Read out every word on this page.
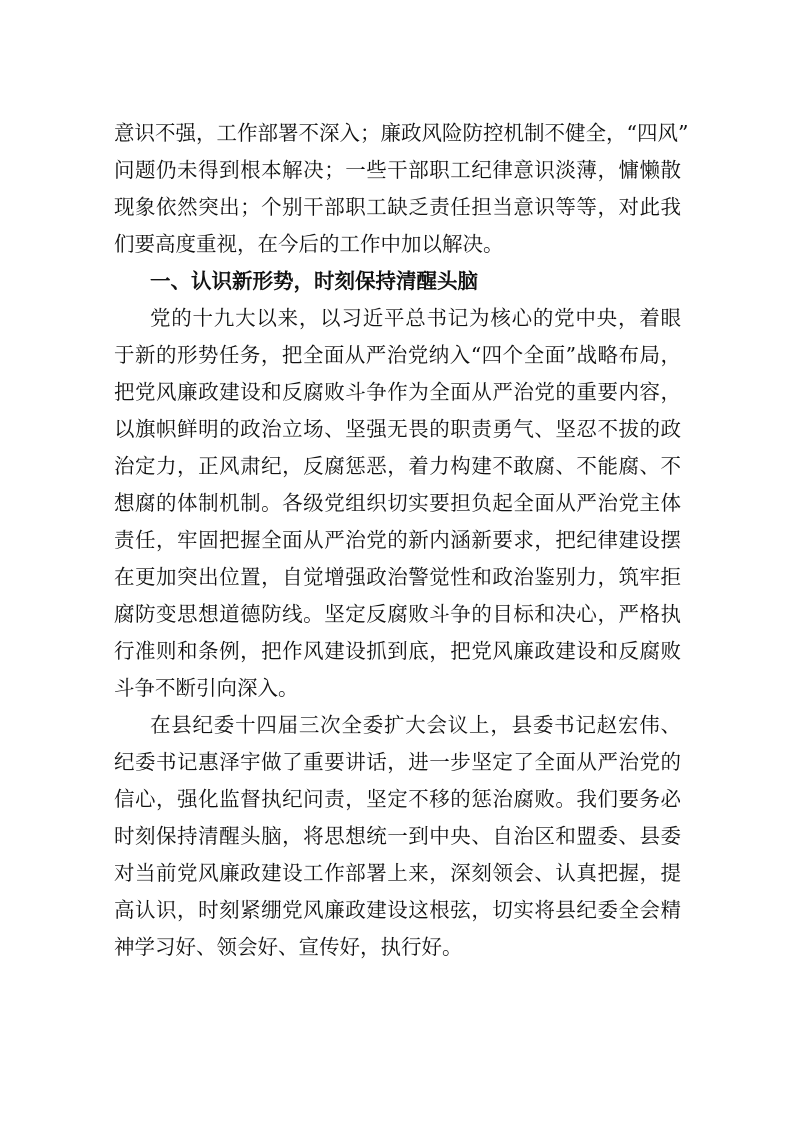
意识不强，工作部署不深入；廉政风险防控机制不健全，“四风”
问题仍未得到根本解决；一些干部职工纪律意识淡薄，慵懒散
现象依然突出；个别干部职工缺乏责任担当意识等等，对此我
们要高度重视，在今后的工作中加以解决。
一、认识新形势，时刻保持清醒头脑
党的十九大以来，以习近平总书记为核心的党中央，着眼
于新的形势任务，把全面从严治党纳入“四个全面”战略布局，
把党风廉政建设和反腐败斗争作为全面从严治党的重要内容，
以旗帜鲜明的政治立场、坚强无畏的职责勇气、坚忍不拔的政
治定力，正风肃纪，反腐惩恶，着力构建不敢腐、不能腐、不
想腐的体制机制。各级党组织切实要担负起全面从严治党主体
责任，牢固把握全面从严治党的新内涵新要求，把纪律建设摆
在更加突出位置，自觉增强政治警觉性和政治鉴别力，筑牢拒
腐防变思想道德防线。坚定反腐败斗争的目标和决心，严格执
行准则和条例，把作风建设抓到底，把党风廉政建设和反腐败
斗争不断引向深入。
在县纪委十四届三次全委扩大会议上，县委书记赵宏伟、
纪委书记惠泽宇做了重要讲话，进一步坚定了全面从严治党的
信心，强化监督执纪问责，坚定不移的惩治腐败。我们要务必
时刻保持清醒头脑，将思想统一到中央、自治区和盟委、县委
对当前党风廉政建设工作部署上来，深刻领会、认真把握，提
高认识，时刻紧绷党风廉政建设这根弦，切实将县纪委全会精
神学习好、领会好、宣传好，执行好。
